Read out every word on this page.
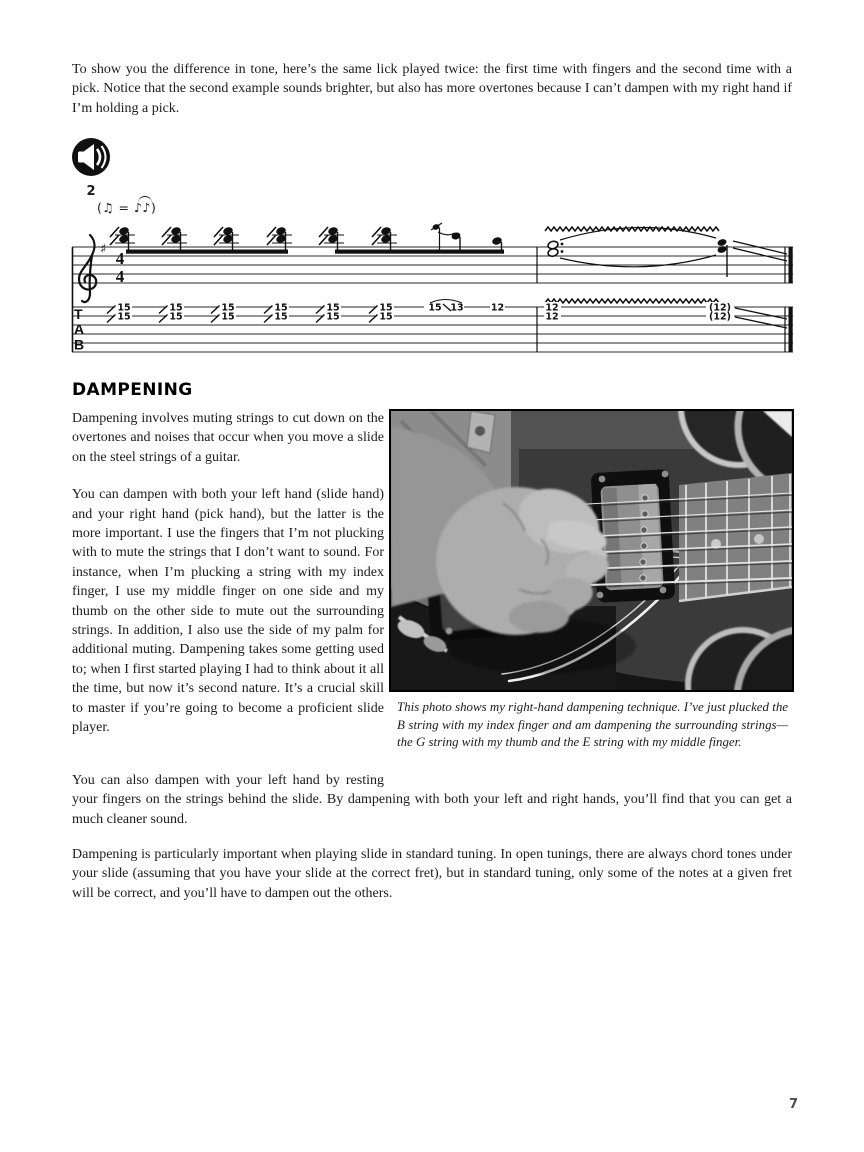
To show you the difference in tone, here’s the same lick played twice: the first time with fingers and the second time with a pick. Notice that the second example sounds brighter, but also has more overtones because I can’t dampen with my right hand if I’m holding a pick.

2
(♫ = ♪♪)
♯ 4
4
T
A
B
15
15
15
15
15
15
15
15
15
15
15
15
15 13	12	12
12
(12)
(12)
DAMPENING

Dampening involves muting strings to cut down on the overtones and noises that occur when you move a slide on the steel strings of a guitar.

You can dampen with both your left hand (slide hand) and your right hand (pick hand), but the latter is the more important. I use the fingers that I’m not plucking with to mute the strings that I don’t want to sound. For instance, when I’m plucking a string with my index finger, I use my middle finger on one side and my thumb on the other side to mute out the surrounding strings. In addition, I also use the side of my palm for additional muting. Dampening takes some getting used to; when I first started playing I had to think about it all the time, but now it’s second nature. It’s a crucial skill to master if you’re going to become a proficient slide player.

This photo shows my right-hand dampening technique. I’ve just plucked the B string with my index finger and am dampening the surrounding strings—the G string with my thumb and the E string with my middle finger.

You can also dampen with your left hand by resting your fingers on the strings behind the slide. By dampening with both your left and right hands, you’ll find that you can get a much cleaner sound.

Dampening is particularly important when playing slide in standard tuning. In open tunings, there are always chord tones under your slide (assuming that you have your slide at the correct fret), but in standard tuning, only some of the notes at a given fret will be correct, and you’ll have to dampen out the others.

7
